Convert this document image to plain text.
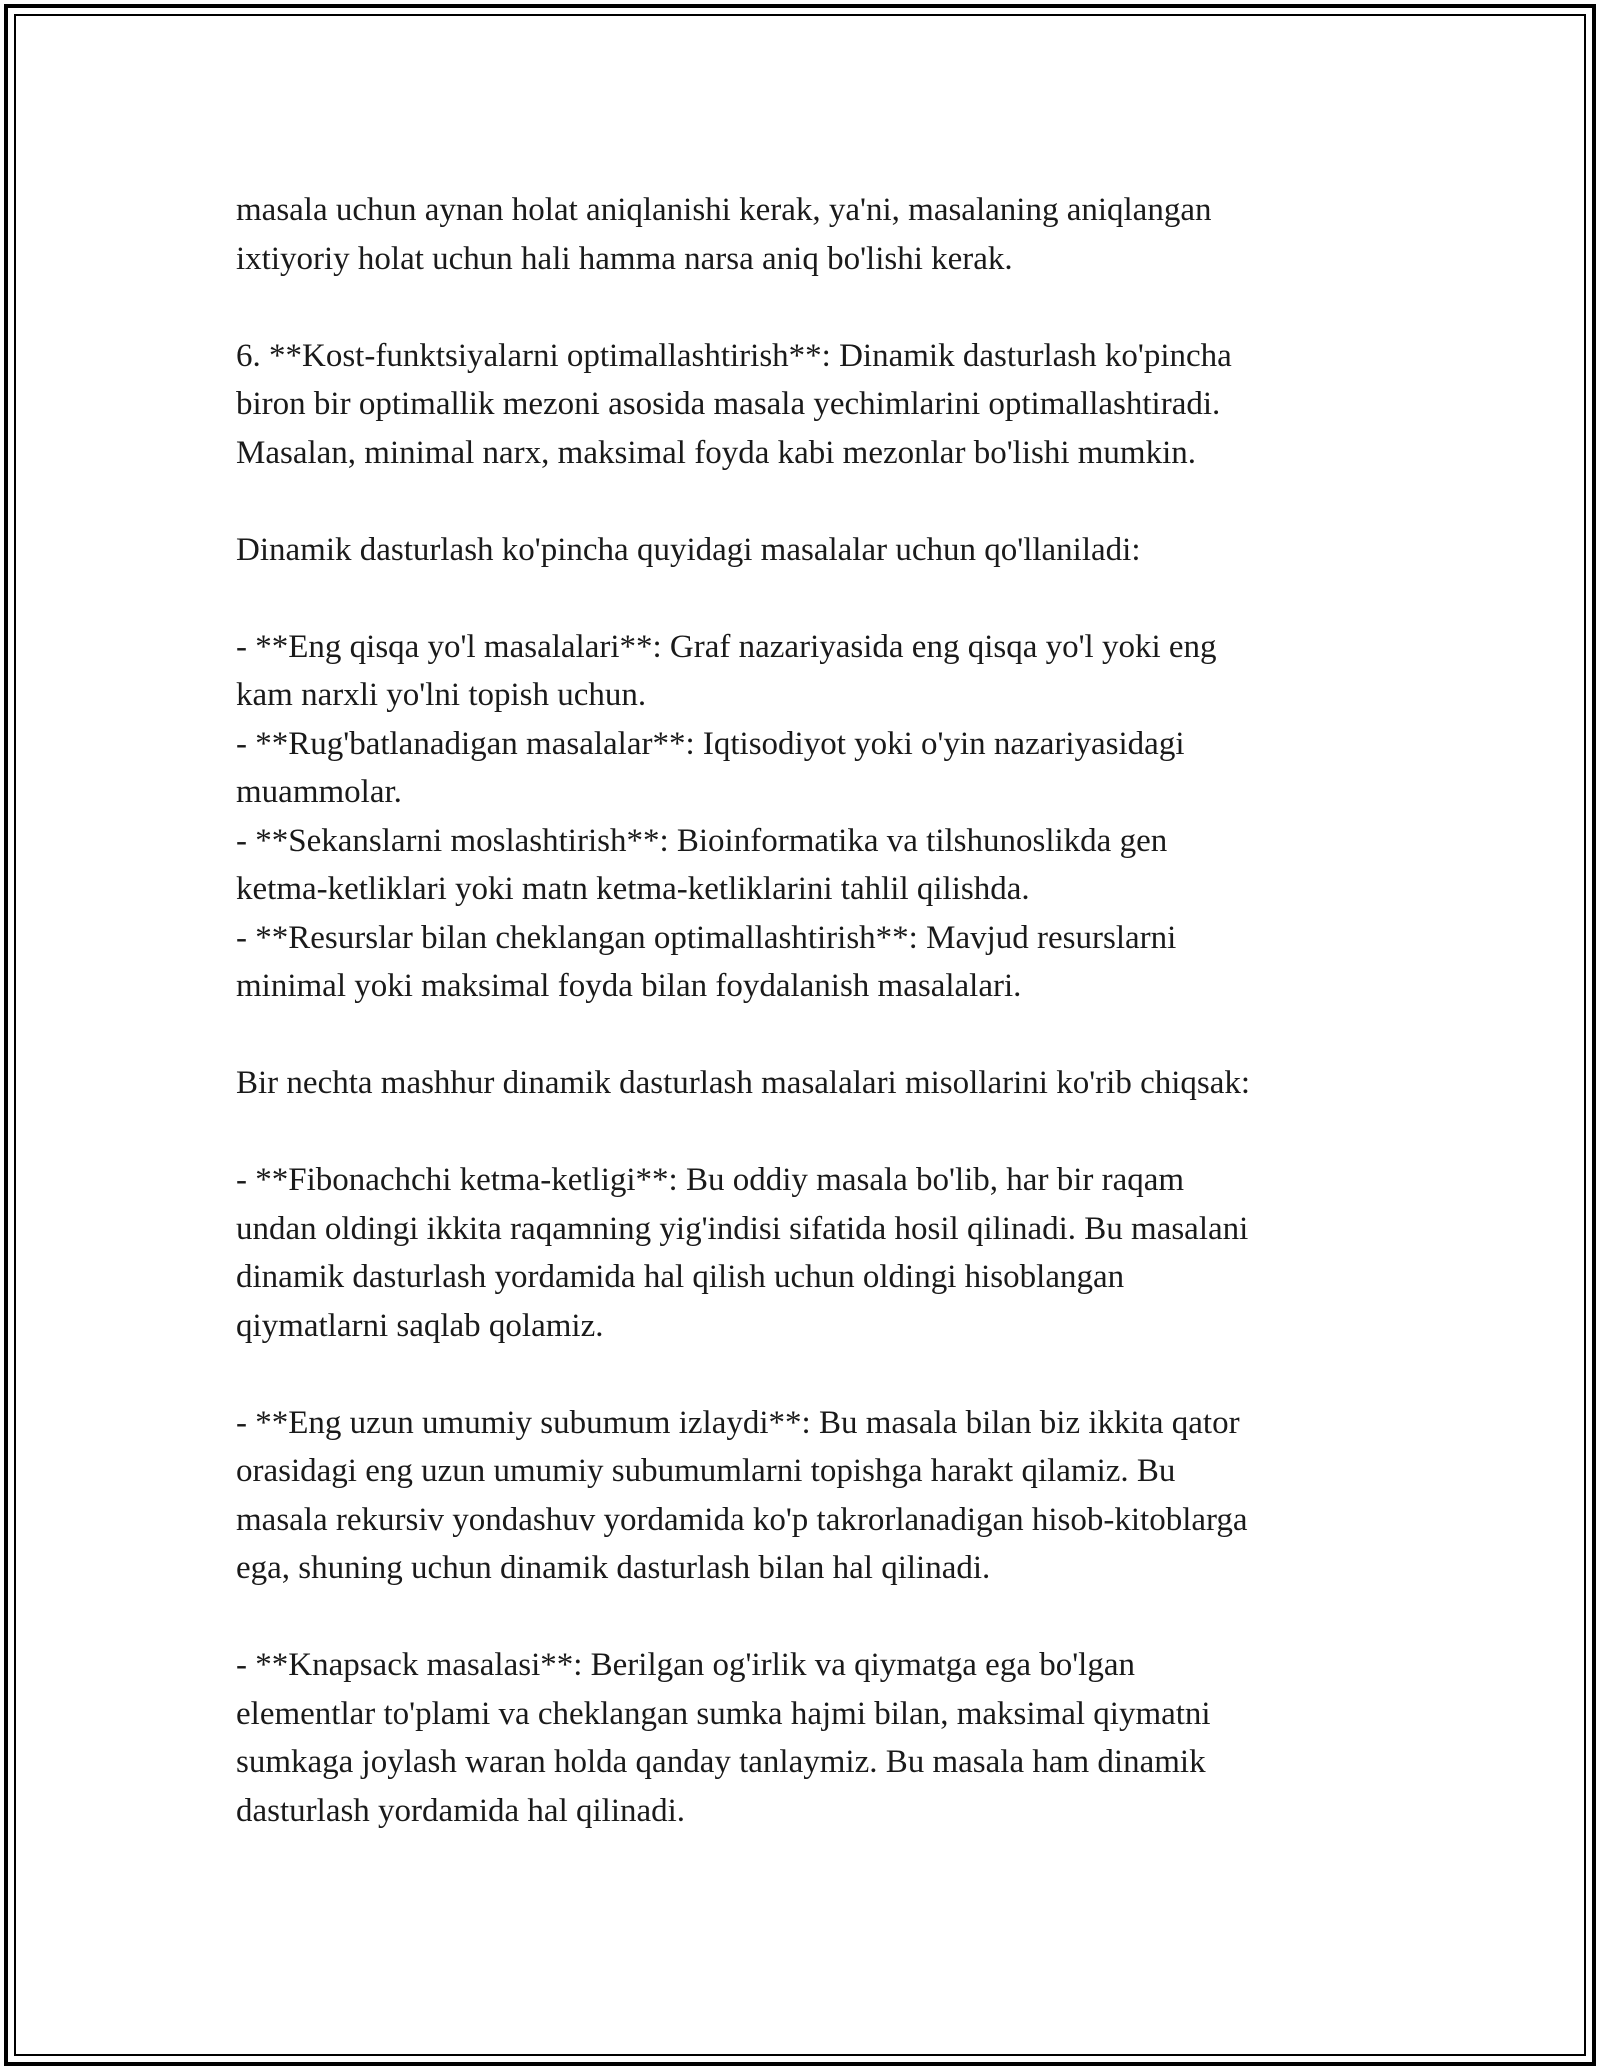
masala uchun aynan holat aniqlanishi kerak, ya'ni, masalaning aniqlangan

ixtiyoriy holat uchun hali hamma narsa aniq bo'lishi kerak.

6. **Kost-funktsiyalarni optimallashtirish**: Dinamik dasturlash ko'pincha

biron bir optimallik mezoni asosida masala yechimlarini optimallashtiradi.

Masalan, minimal narx, maksimal foyda kabi mezonlar bo'lishi mumkin.

Dinamik dasturlash ko'pincha quyidagi masalalar uchun qo'llaniladi:

- **Eng qisqa yo'l masalalari**: Graf nazariyasida eng qisqa yo'l yoki eng

kam narxli yo'lni topish uchun.

- **Rug'batlanadigan masalalar**: Iqtisodiyot yoki o'yin nazariyasidagi

muammolar.

- **Sekanslarni moslashtirish**: Bioinformatika va tilshunoslikda gen

ketma-ketliklari yoki matn ketma-ketliklarini tahlil qilishda.

- **Resurslar bilan cheklangan optimallashtirish**: Mavjud resurslarni

minimal yoki maksimal foyda bilan foydalanish masalalari.

Bir nechta mashhur dinamik dasturlash masalalari misollarini ko'rib chiqsak:

- **Fibonachchi ketma-ketligi**: Bu oddiy masala bo'lib, har bir raqam

undan oldingi ikkita raqamning yig'indisi sifatida hosil qilinadi. Bu masalani

dinamik dasturlash yordamida hal qilish uchun oldingi hisoblangan

qiymatlarni saqlab qolamiz.

- **Eng uzun umumiy subumum izlaydi**: Bu masala bilan biz ikkita qator

orasidagi eng uzun umumiy subumumlarni topishga harakt qilamiz. Bu

masala rekursiv yondashuv yordamida ko'p takrorlanadigan hisob-kitoblarga

ega, shuning uchun dinamik dasturlash bilan hal qilinadi.

- **Knapsack masalasi**: Berilgan og'irlik va qiymatga ega bo'lgan

elementlar to'plami va cheklangan sumka hajmi bilan, maksimal qiymatni

sumkaga joylash waran holda qanday tanlaymiz. Bu masala ham dinamik

dasturlash yordamida hal qilinadi.
